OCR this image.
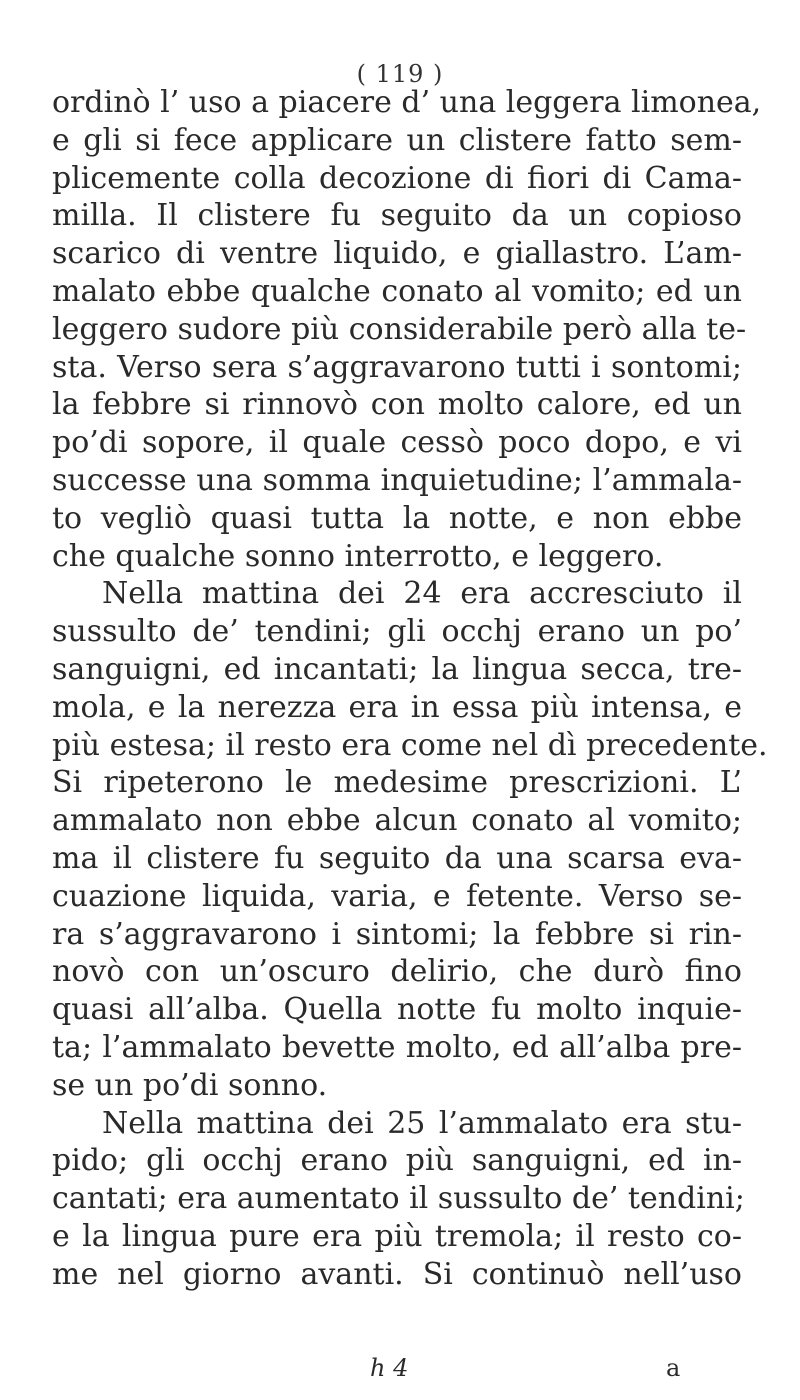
( 119 )
ordinò l’ uso a piacere d’ una leggera limonea,
e gli si fece applicare un clistere fatto sem-
plicemente colla decozione di fiori di Cama-
milla. Il clistere fu seguito da un copioso
scarico di ventre liquido, e giallastro. L’am-
malato ebbe qualche conato al vomito; ed un
leggero sudore più considerabile però alla te-
sta. Verso sera s’aggravarono tutti i sontomi;
la febbre si rinnovò con molto calore, ed un
po’di sopore, il quale cessò poco dopo, e vi
successe una somma inquietudine; l’ammala-
to vegliò quasi tutta la notte, e non ebbe
che qualche sonno interrotto, e leggero.
Nella mattina dei 24 era accresciuto il
sussulto de’ tendini; gli occhj erano un po’
sanguigni, ed incantati; la lingua secca, tre-
mola, e la nerezza era in essa più intensa, e
più estesa; il resto era come nel dì precedente.
Si ripeterono le medesime prescrizioni. L’
ammalato non ebbe alcun conato al vomito;
ma il clistere fu seguito da una scarsa eva-
cuazione liquida, varia, e fetente. Verso se-
ra s’aggravarono i sintomi; la febbre si rin-
novò con un’oscuro delirio, che durò fino
quasi all’alba. Quella notte fu molto inquie-
ta; l’ammalato bevette molto, ed all’alba pre-
se un po’di sonno.
Nella mattina dei 25 l’ammalato era stu-
pido; gli occhj erano più sanguigni, ed in-
cantati; era aumentato il sussulto de’ tendini;
e la lingua pure era più tremola; il resto co-
me nel giorno avanti. Si continuò nell’uso
h 4	a
